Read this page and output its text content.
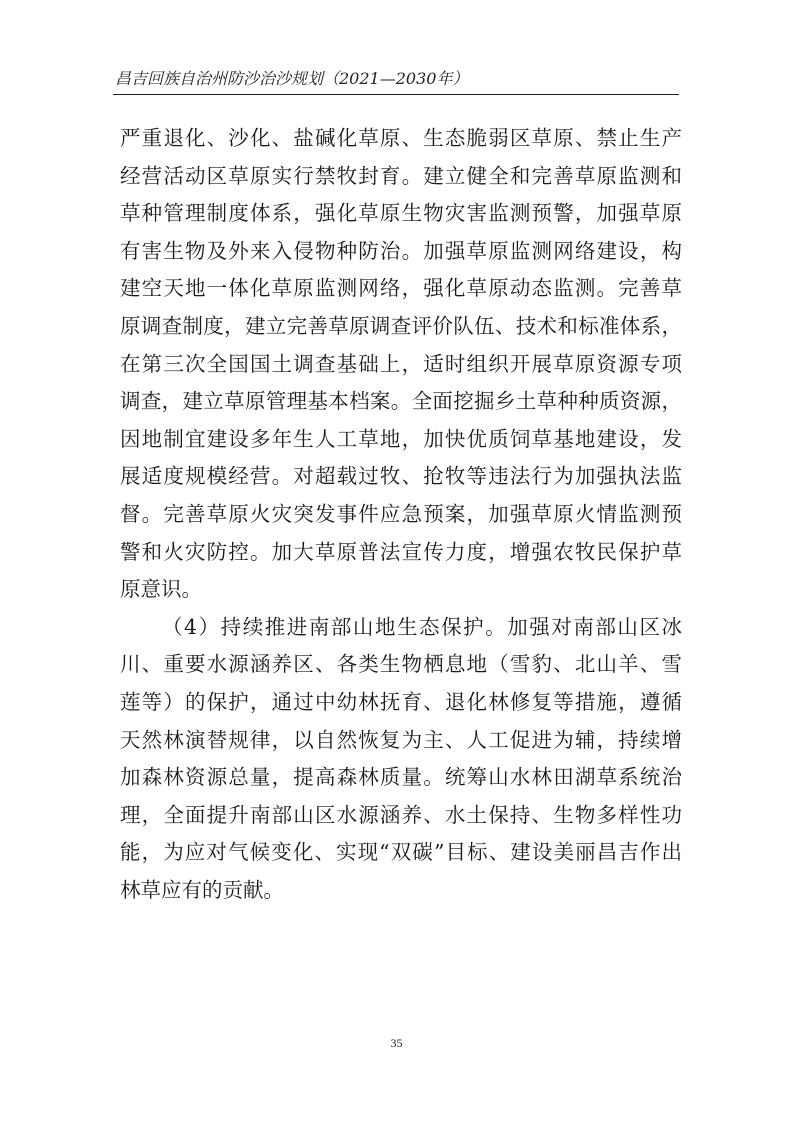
昌吉回族自治州防沙治沙规划（2021—2030年）
严重退化、沙化、盐碱化草原、生态脆弱区草原、禁止生产
经营活动区草原实行禁牧封育。建立健全和完善草原监测和
草种管理制度体系，强化草原生物灾害监测预警，加强草原
有害生物及外来入侵物种防治。加强草原监测网络建设，构
建空天地一体化草原监测网络，强化草原动态监测。完善草
原调查制度，建立完善草原调查评价队伍、技术和标准体系，
在第三次全国国土调查基础上，适时组织开展草原资源专项
调查，建立草原管理基本档案。全面挖掘乡土草种种质资源，
因地制宜建设多年生人工草地，加快优质饲草基地建设，发
展适度规模经营。对超载过牧、抢牧等违法行为加强执法监
督。完善草原火灾突发事件应急预案，加强草原火情监测预
警和火灾防控。加大草原普法宣传力度，增强农牧民保护草
原意识。
（4）持续推进南部山地生态保护。加强对南部山区冰
川、重要水源涵养区、各类生物栖息地（雪豹、北山羊、雪
莲等）的保护，通过中幼林抚育、退化林修复等措施，遵循
天然林演替规律，以自然恢复为主、人工促进为辅，持续增
加森林资源总量，提高森林质量。统筹山水林田湖草系统治
理，全面提升南部山区水源涵养、水土保持、生物多样性功
能，为应对气候变化、实现“双碳”目标、建设美丽昌吉作出
林草应有的贡献。
35
